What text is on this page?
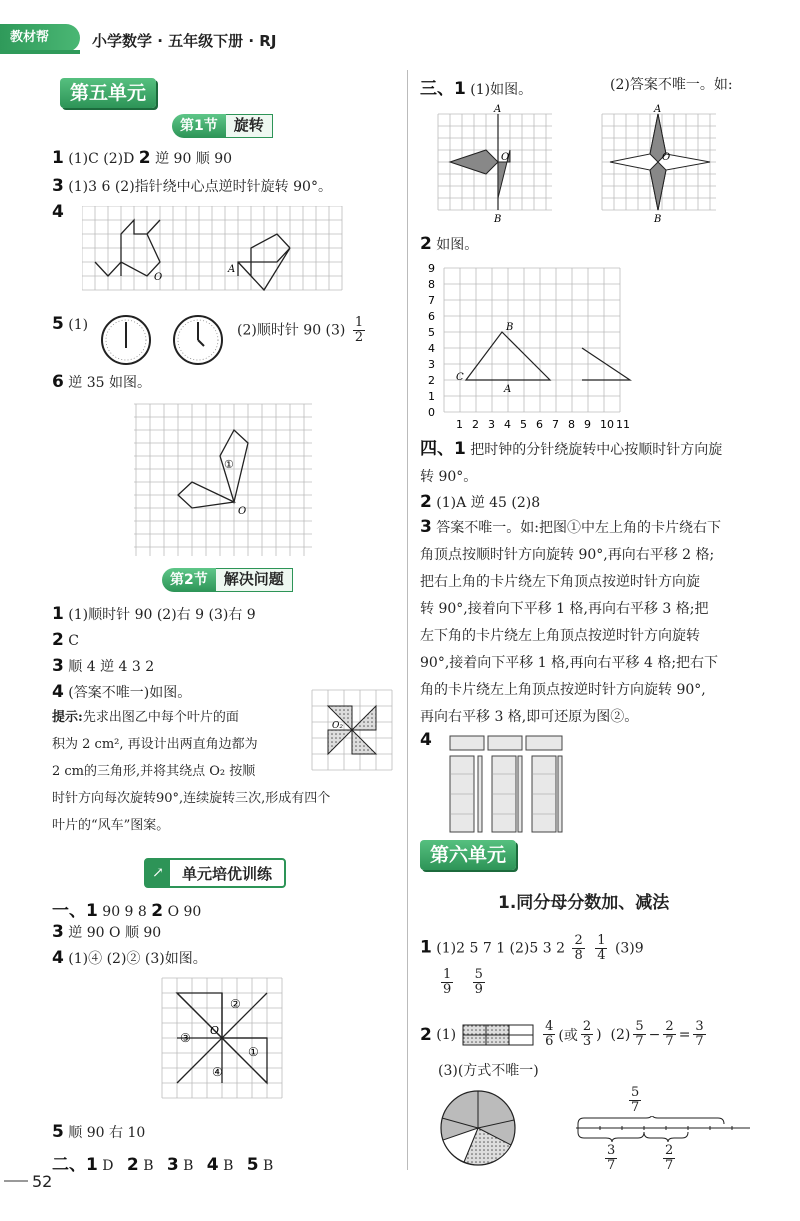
教材帮	小学数学 · 五年级下册 · RJ
第五单元
第1节	旋转
1 (1)C (2)D 2 逆 90 顺 90
3 (1)3 6 (2)指针绕中心点逆时针旋转 90°。
4
O
A
5 (1)	(2)顺时针 90 $(3) \frac{1}{2}$
6 逆 35 如图。
①
O
第2节	解决问题
1 (1)顺时针 90 (2)右 9 (3)右 9
2 C
3 顺 4 逆 4 3 2
4 (答案不唯一)如图。
提示:先求出图乙中每个叶片的面
积为 2 cm², 再设计出两直角边都为
2 cm的三角形,并将其绕点 O₂ 按顺
时针方向每次旋转90°,连续旋转三次,形成有四个
叶片的“风车”图案。
O₂
↗	单元培优训练
一、1 90 9 8 2 O 90
3 逆 90 O 顺 90
4 (1)④ (2)② (3)如图。
②
③
O
①
④
5 顺 90 右 10
二、1 D 2 B 3 B 4 B 5 B
三、1 (1)如图。	(2)答案不唯一。如:
A
B
O
A
B
O
2 如图。
0
1
2
3
4
5
6
7
8
9
1 2 3 4 5 6 7 8 9 10 11
B
C
A
四、1 把时钟的分针绕旋转中心按顺时针方向旋
转 90°。
2 (1)A 逆 45 (2)8
3 答案不唯一。如:把图①中左上角的卡片绕右下
角顶点按顺时针方向旋转 90°,再向右平移 2 格;
把右上角的卡片绕左下角顶点按逆时针方向旋
转 90°,接着向下平移 1 格,再向右平移 3 格;把
左下角的卡片绕左上角顶点按逆时针方向旋转
90°,接着向下平移 1 格,再向右平移 4 格;把右下
角的卡片绕左上角顶点按逆时针方向旋转 90°,
再向右平移 3 格,即可还原为图②。
4
第六单元
1.同分母分数加、减法
1 (1)2 5 7 1 (2)5 3 $2 \frac{2}{8}$
$\frac{1}{4} (3)9$
$\frac{1}{9}$
$\frac{5}{9}$
2
(1)	$\frac{4}{6}$ (或 $\frac{2}{3}$ )
$(2) \frac{5}{7} - \frac{2}{7} = \frac{3}{7}$
(3)(方式不唯一)
$\frac{5}{7}$
$\frac{3}{7}$	$\frac{2}{7}$
52
